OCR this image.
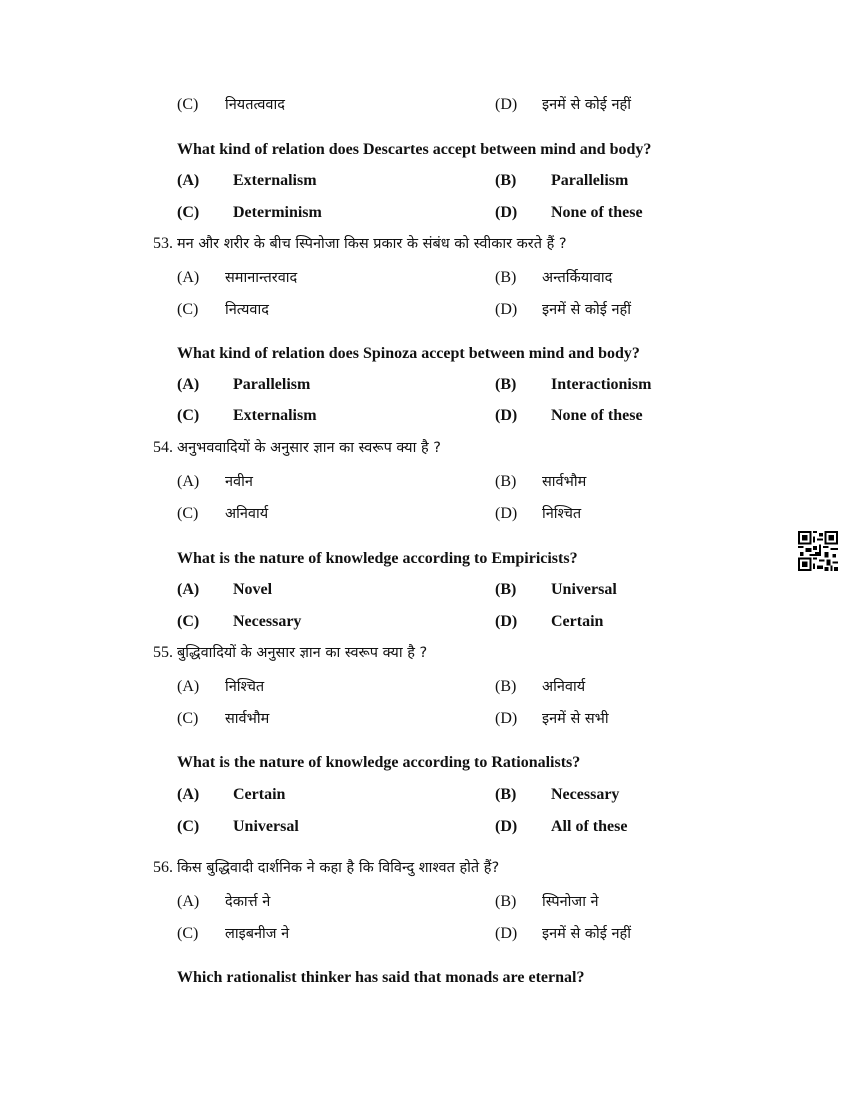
(C) नियतत्ववाद	(D) इनमें से कोई नहीं
What kind of relation does Descartes accept between mind and body?
(A) Externalism	(B) Parallelism
(C) Determinism	(D) None of these
53. मन और शरीर के बीच स्पिनोजा किस प्रकार के संबंध को स्वीकार करते हैं ?
(A) समानान्तरवाद	(B) अन्तर्कियावाद
(C) नित्यवाद	(D) इनमें से कोई नहीं
What kind of relation does Spinoza accept between mind and body?
(A) Parallelism	(B) Interactionism
(C) Externalism	(D) None of these
54. अनुभववादियों के अनुसार ज्ञान का स्वरूप क्या है ?
(A) नवीन	(B) सार्वभौम
(C) अनिवार्य	(D) निश्चित
What is the nature of knowledge according to Empiricists?
(A) Novel	(B) Universal
(C) Necessary	(D) Certain
55. बुद्धिवादियों के अनुसार ज्ञान का स्वरूप क्या है ?
(A) निश्चित	(B) अनिवार्य
(C) सार्वभौम	(D) इनमें से सभी
What is the nature of knowledge according to Rationalists?
(A) Certain	(B) Necessary
(C) Universal	(D) All of these
56. किस बुद्धिवादी दार्शनिक ने कहा है कि विविन्दु शाश्वत होते हैं?
(A) देकार्त्त ने	(B) स्पिनोजा ने
(C) लाइबनीज ने	(D) इनमें से कोई नहीं
Which rationalist thinker has said that monads are eternal?
